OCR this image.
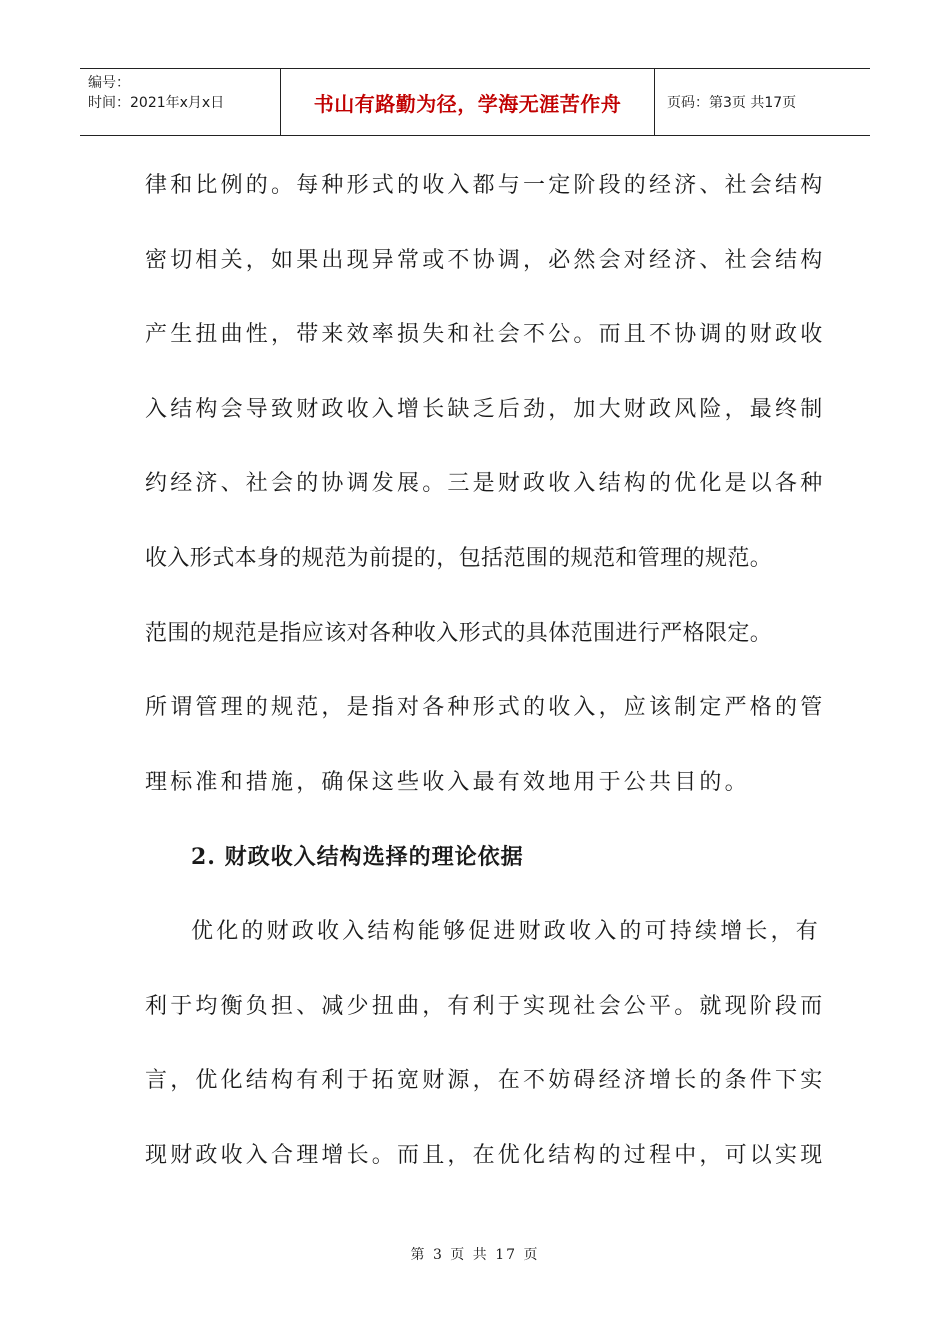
编号：
时间：2021年x月x日	书山有路勤为径，学海无涯苦作舟	页码：第3页 共17页
律和比例的。每种形式的收入都与一定阶段的经济、社会结构
密切相关，如果出现异常或不协调，必然会对经济、社会结构
产生扭曲性，带来效率损失和社会不公。而且不协调的财政收
入结构会导致财政收入增长缺乏后劲，加大财政风险，最终制
约经济、社会的协调发展。三是财政收入结构的优化是以各种
收入形式本身的规范为前提的，包括范围的规范和管理的规范。
范围的规范是指应该对各种收入形式的具体范围进行严格限定。
所谓管理的规范，是指对各种形式的收入，应该制定严格的管
理标准和措施，确保这些收入最有效地用于公共目的。
2. 财政收入结构选择的理论依据
优化的财政收入结构能够促进财政收入的可持续增长，有
利于均衡负担、减少扭曲，有利于实现社会公平。就现阶段而
言，优化结构有利于拓宽财源，在不妨碍经济增长的条件下实
现财政收入合理增长。而且，在优化结构的过程中，可以实现
第 3 页 共 17 页
